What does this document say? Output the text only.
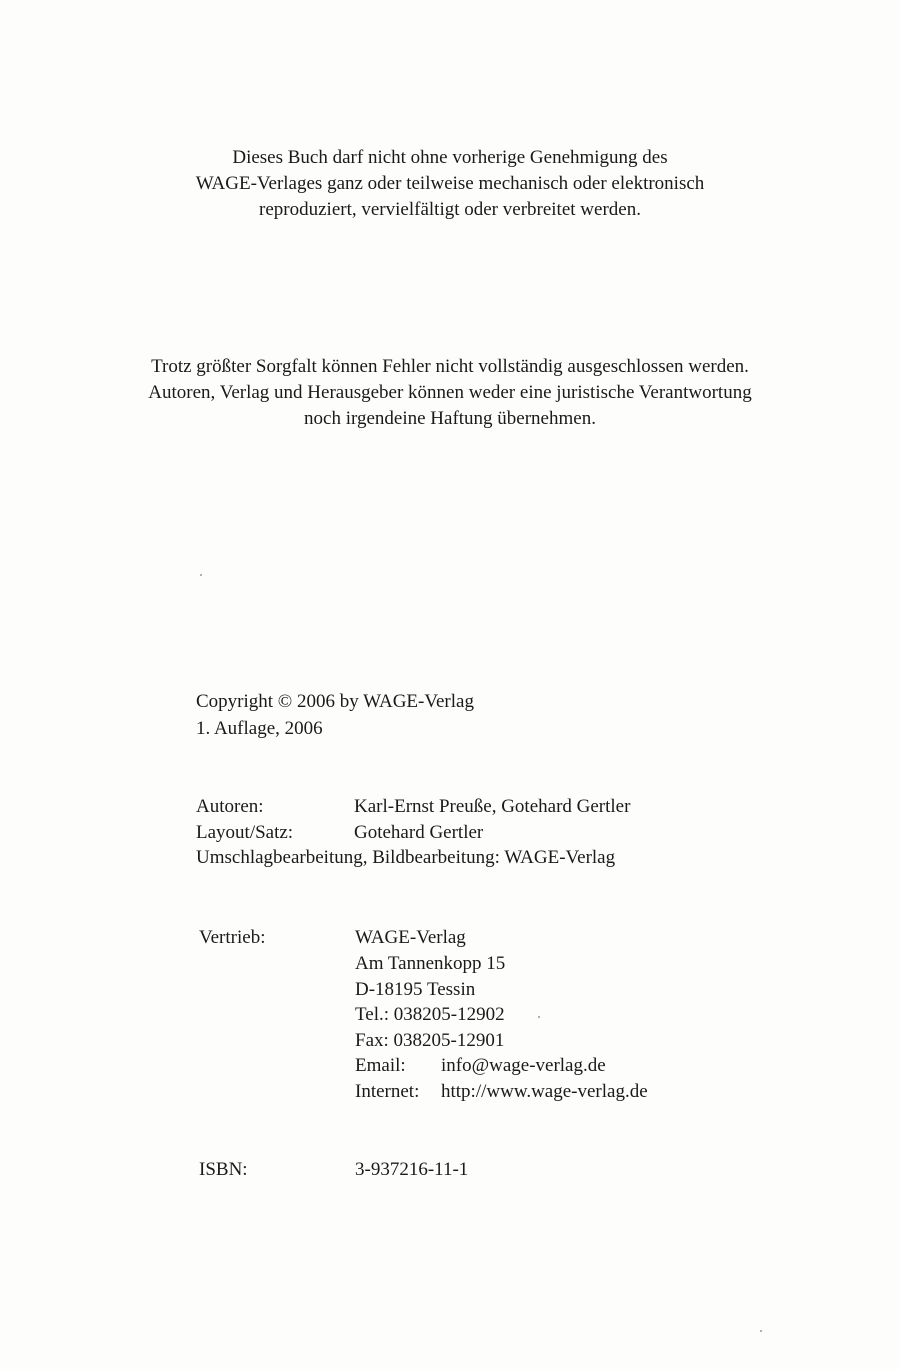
Dieses Buch darf nicht ohne vorherige Genehmigung des
WAGE-Verlages ganz oder teilweise mechanisch oder elektronisch
reproduziert, vervielfältigt oder verbreitet werden.
Trotz größter Sorgfalt können Fehler nicht vollständig ausgeschlossen werden.
Autoren, Verlag und Herausgeber können weder eine juristische Verantwortung
noch irgendeine Haftung übernehmen.
Copyright © 2006 by WAGE-Verlag
1. Auflage, 2006
Autoren:	Karl-Ernst Preuße, Gotehard Gertler
Layout/Satz:	Gotehard Gertler
Umschlagbearbeitung, Bildbearbeitung: WAGE-Verlag
Vertrieb:	WAGE-Verlag
Am Tannenkopp 15
D-18195 Tessin
Tel.: 038205-12902
Fax: 038205-12901
Email: info@wage-verlag.de
Internet: http://www.wage-verlag.de
ISBN:	3-937216-11-1
